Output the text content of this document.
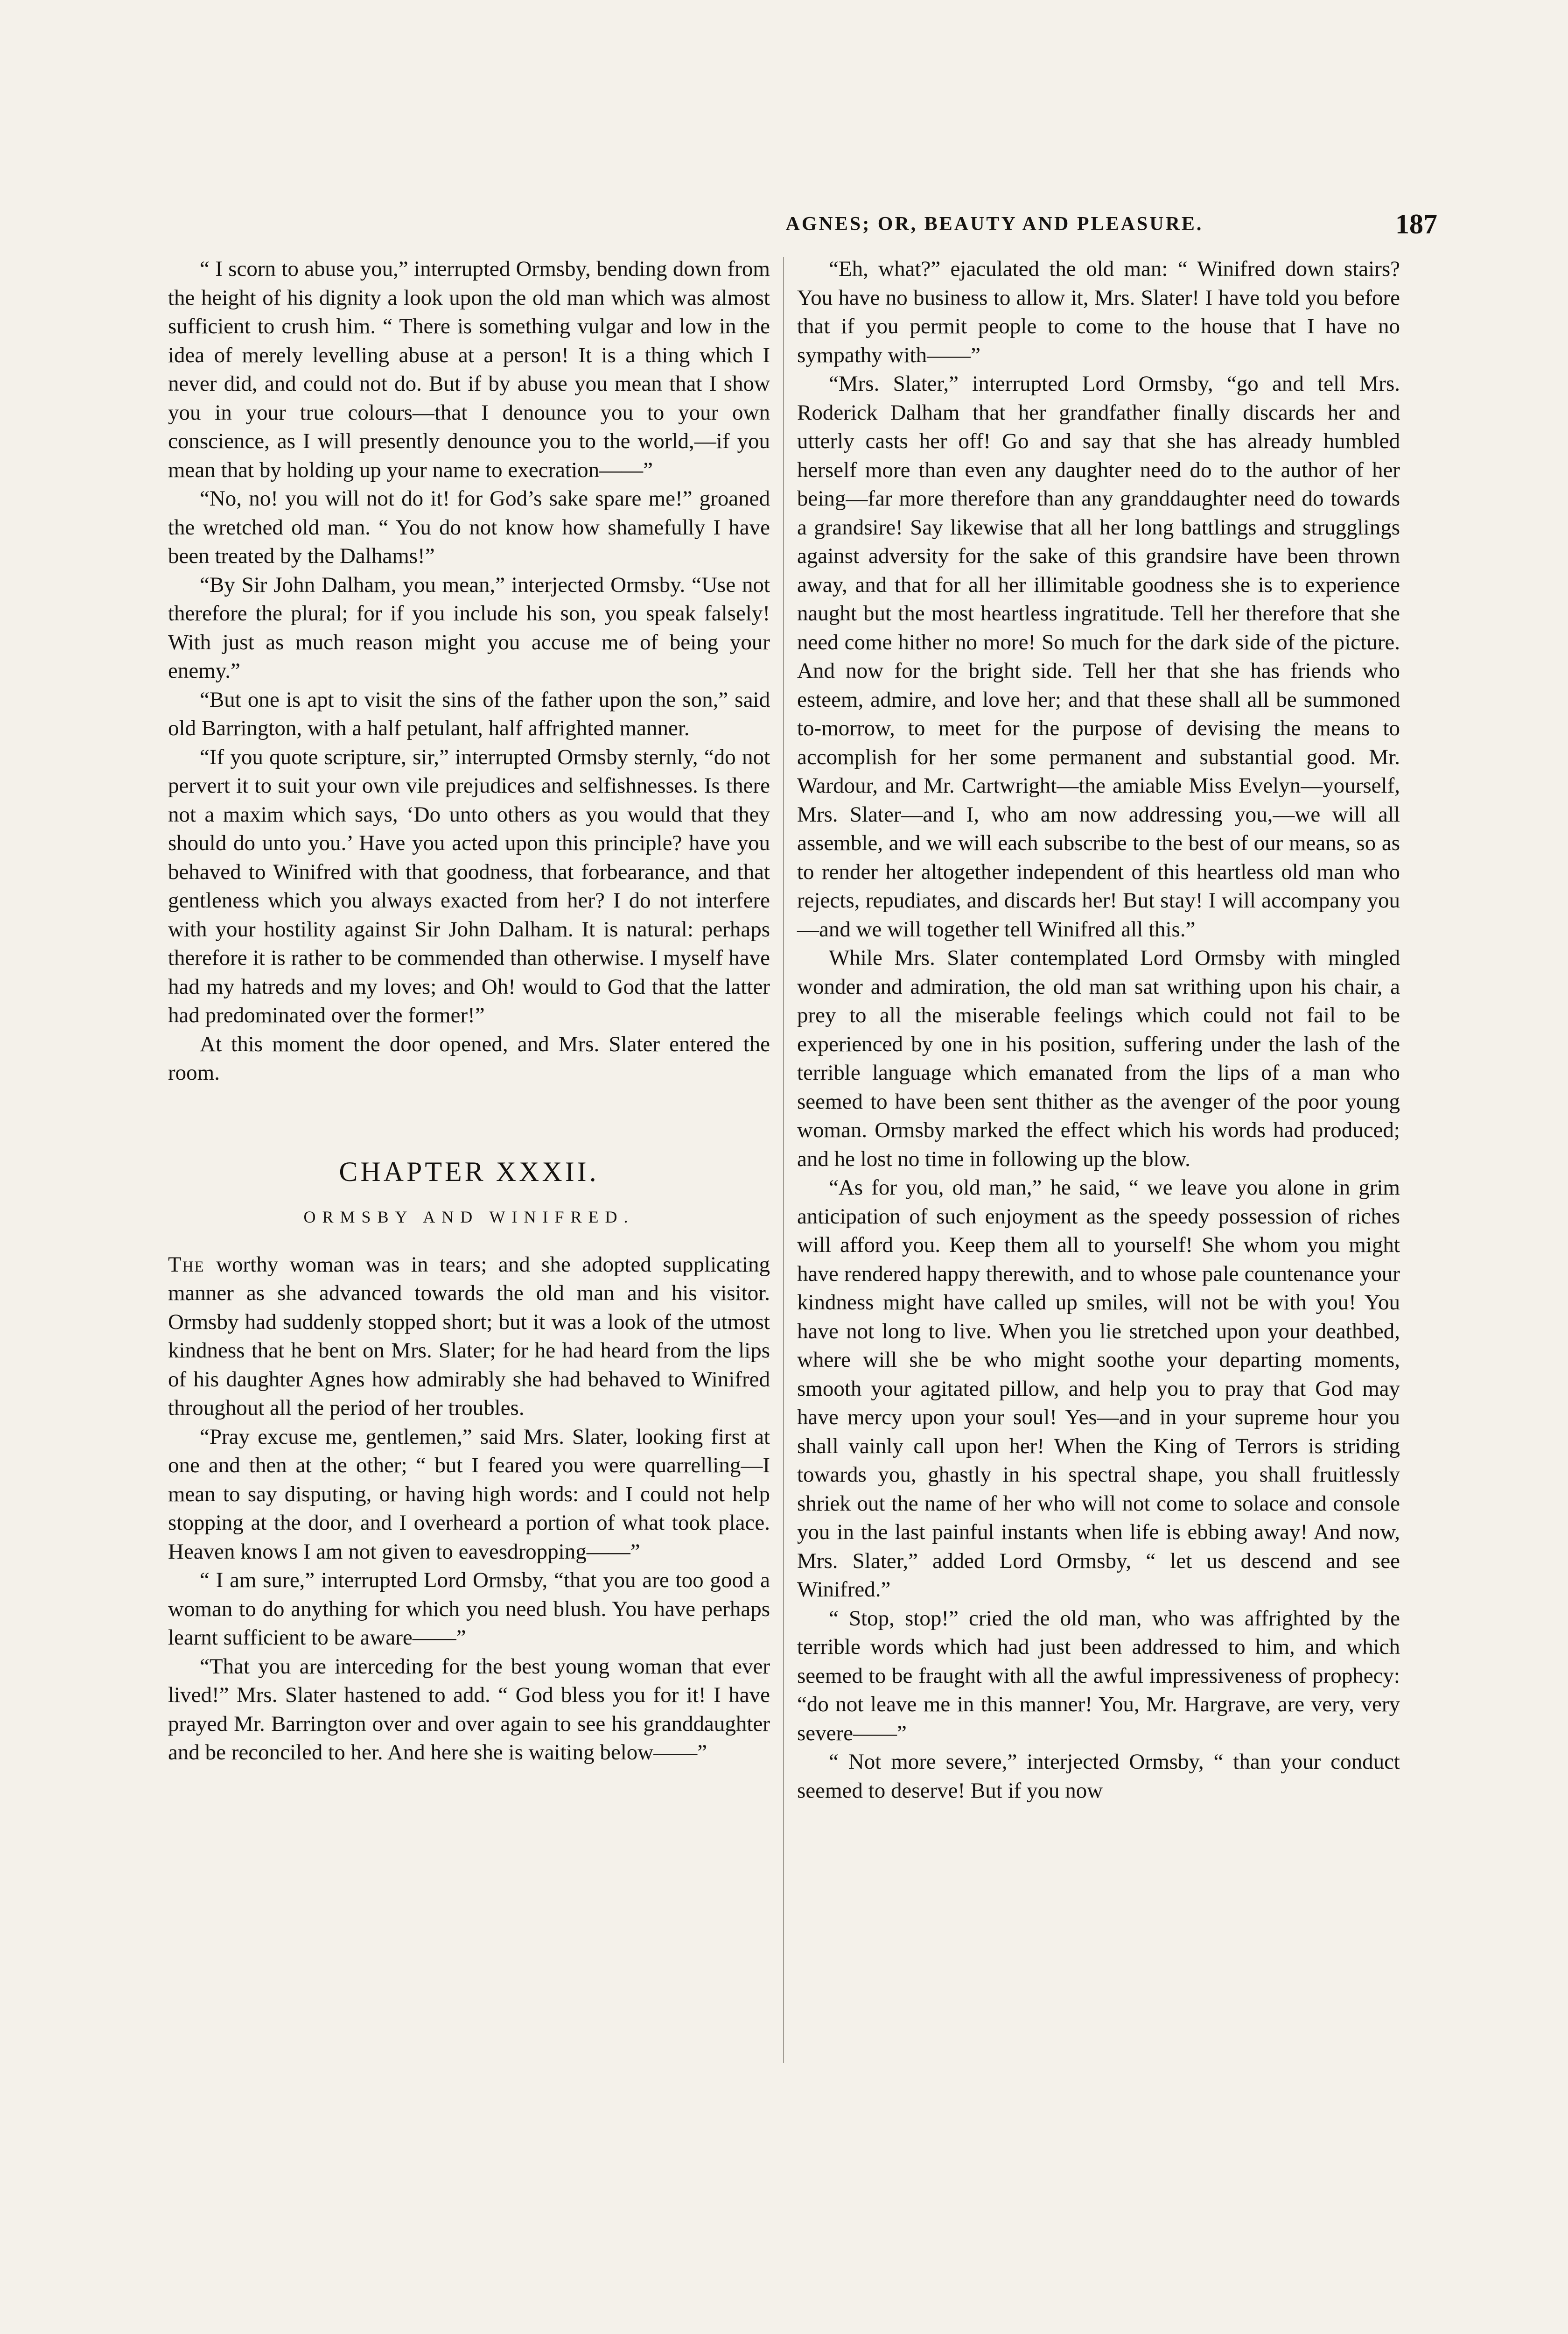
AGNES; OR, BEAUTY AND PLEASURE.	187

“ I scorn to abuse you,” interrupted Ormsby, bending down from the height of his dignity a look upon the old man which was almost sufficient to crush him. “ There is something vulgar and low in the idea of merely levelling abuse at a person! It is a thing which I never did, and could not do. But if by abuse you mean that I show you in your true colours—that I denounce you to your own conscience, as I will presently denounce you to the world,—if you mean that by holding up your name to execration——”

“No, no! you will not do it! for God’s sake spare me!” groaned the wretched old man. “ You do not know how shamefully I have been treated by the Dalhams!”

“By Sir John Dalham, you mean,” interjected Ormsby. “Use not therefore the plural; for if you include his son, you speak falsely! With just as much reason might you accuse me of being your enemy.”

“But one is apt to visit the sins of the father upon the son,” said old Barrington, with a half petulant, half affrighted manner.

“If you quote scripture, sir,” interrupted Ormsby sternly, “do not pervert it to suit your own vile prejudices and selfishnesses. Is there not a maxim which says, ‘Do unto others as you would that they should do unto you.’ Have you acted upon this principle? have you behaved to Winifred with that goodness, that forbearance, and that gentleness which you always exacted from her? I do not interfere with your hostility against Sir John Dalham. It is natural: perhaps therefore it is rather to be commended than otherwise. I myself have had my hatreds and my loves; and Oh! would to God that the latter had predominated over the former!”

At this moment the door opened, and Mrs. Slater entered the room.

CHAPTER XXXII.
ORMSBY AND WINIFRED.

The worthy woman was in tears; and she adopted supplicating manner as she advanced towards the old man and his visitor. Ormsby had suddenly stopped short; but it was a look of the utmost kindness that he bent on Mrs. Slater; for he had heard from the lips of his daughter Agnes how admirably she had behaved to Winifred throughout all the period of her troubles.

“Pray excuse me, gentlemen,” said Mrs. Slater, looking first at one and then at the other; “ but I feared you were quarrelling—I mean to say disputing, or having high words: and I could not help stopping at the door, and I overheard a portion of what took place. Heaven knows I am not given to eavesdropping——”

“ I am sure,” interrupted Lord Ormsby, “that you are too good a woman to do anything for which you need blush. You have perhaps learnt sufficient to be aware——”

“That you are interceding for the best young woman that ever lived!” Mrs. Slater hastened to add. “ God bless you for it! I have prayed Mr. Barrington over and over again to see his granddaughter and be reconciled to her. And here she is waiting below——”

“Eh, what?” ejaculated the old man: “ Winifred down stairs? You have no business to allow it, Mrs. Slater! I have told you before that if you permit people to come to the house that I have no sympathy with——”

“Mrs. Slater,” interrupted Lord Ormsby, “go and tell Mrs. Roderick Dalham that her grandfather finally discards her and utterly casts her off! Go and say that she has already humbled herself more than even any daughter need do to the author of her being—far more therefore than any granddaughter need do towards a grandsire! Say likewise that all her long battlings and strugglings against adversity for the sake of this grandsire have been thrown away, and that for all her illimitable goodness she is to experience naught but the most heartless ingratitude. Tell her therefore that she need come hither no more! So much for the dark side of the picture. And now for the bright side. Tell her that she has friends who esteem, admire, and love her; and that these shall all be summoned to-morrow, to meet for the purpose of devising the means to accomplish for her some permanent and substantial good. Mr. Wardour, and Mr. Cartwright—the amiable Miss Evelyn—yourself, Mrs. Slater—and I, who am now addressing you,—we will all assemble, and we will each subscribe to the best of our means, so as to render her altogether independent of this heartless old man who rejects, repudiates, and discards her! But stay! I will accompany you—and we will together tell Winifred all this.”

While Mrs. Slater contemplated Lord Ormsby with mingled wonder and admiration, the old man sat writhing upon his chair, a prey to all the miserable feelings which could not fail to be experienced by one in his position, suffering under the lash of the terrible language which emanated from the lips of a man who seemed to have been sent thither as the avenger of the poor young woman. Ormsby marked the effect which his words had produced; and he lost no time in following up the blow.

“As for you, old man,” he said, “ we leave you alone in grim anticipation of such enjoyment as the speedy possession of riches will afford you. Keep them all to yourself! She whom you might have rendered happy therewith, and to whose pale countenance your kindness might have called up smiles, will not be with you! You have not long to live. When you lie stretched upon your deathbed, where will she be who might soothe your departing moments, smooth your agitated pillow, and help you to pray that God may have mercy upon your soul! Yes—and in your supreme hour you shall vainly call upon her! When the King of Terrors is striding towards you, ghastly in his spectral shape, you shall fruitlessly shriek out the name of her who will not come to solace and console you in the last painful instants when life is ebbing away! And now, Mrs. Slater,” added Lord Ormsby, “ let us descend and see Winifred.”

“ Stop, stop!” cried the old man, who was affrighted by the terrible words which had just been addressed to him, and which seemed to be fraught with all the awful impressiveness of prophecy: “do not leave me in this manner! You, Mr. Hargrave, are very, very severe——”

“ Not more severe,” interjected Ormsby, “ than your conduct seemed to deserve! But if you now
